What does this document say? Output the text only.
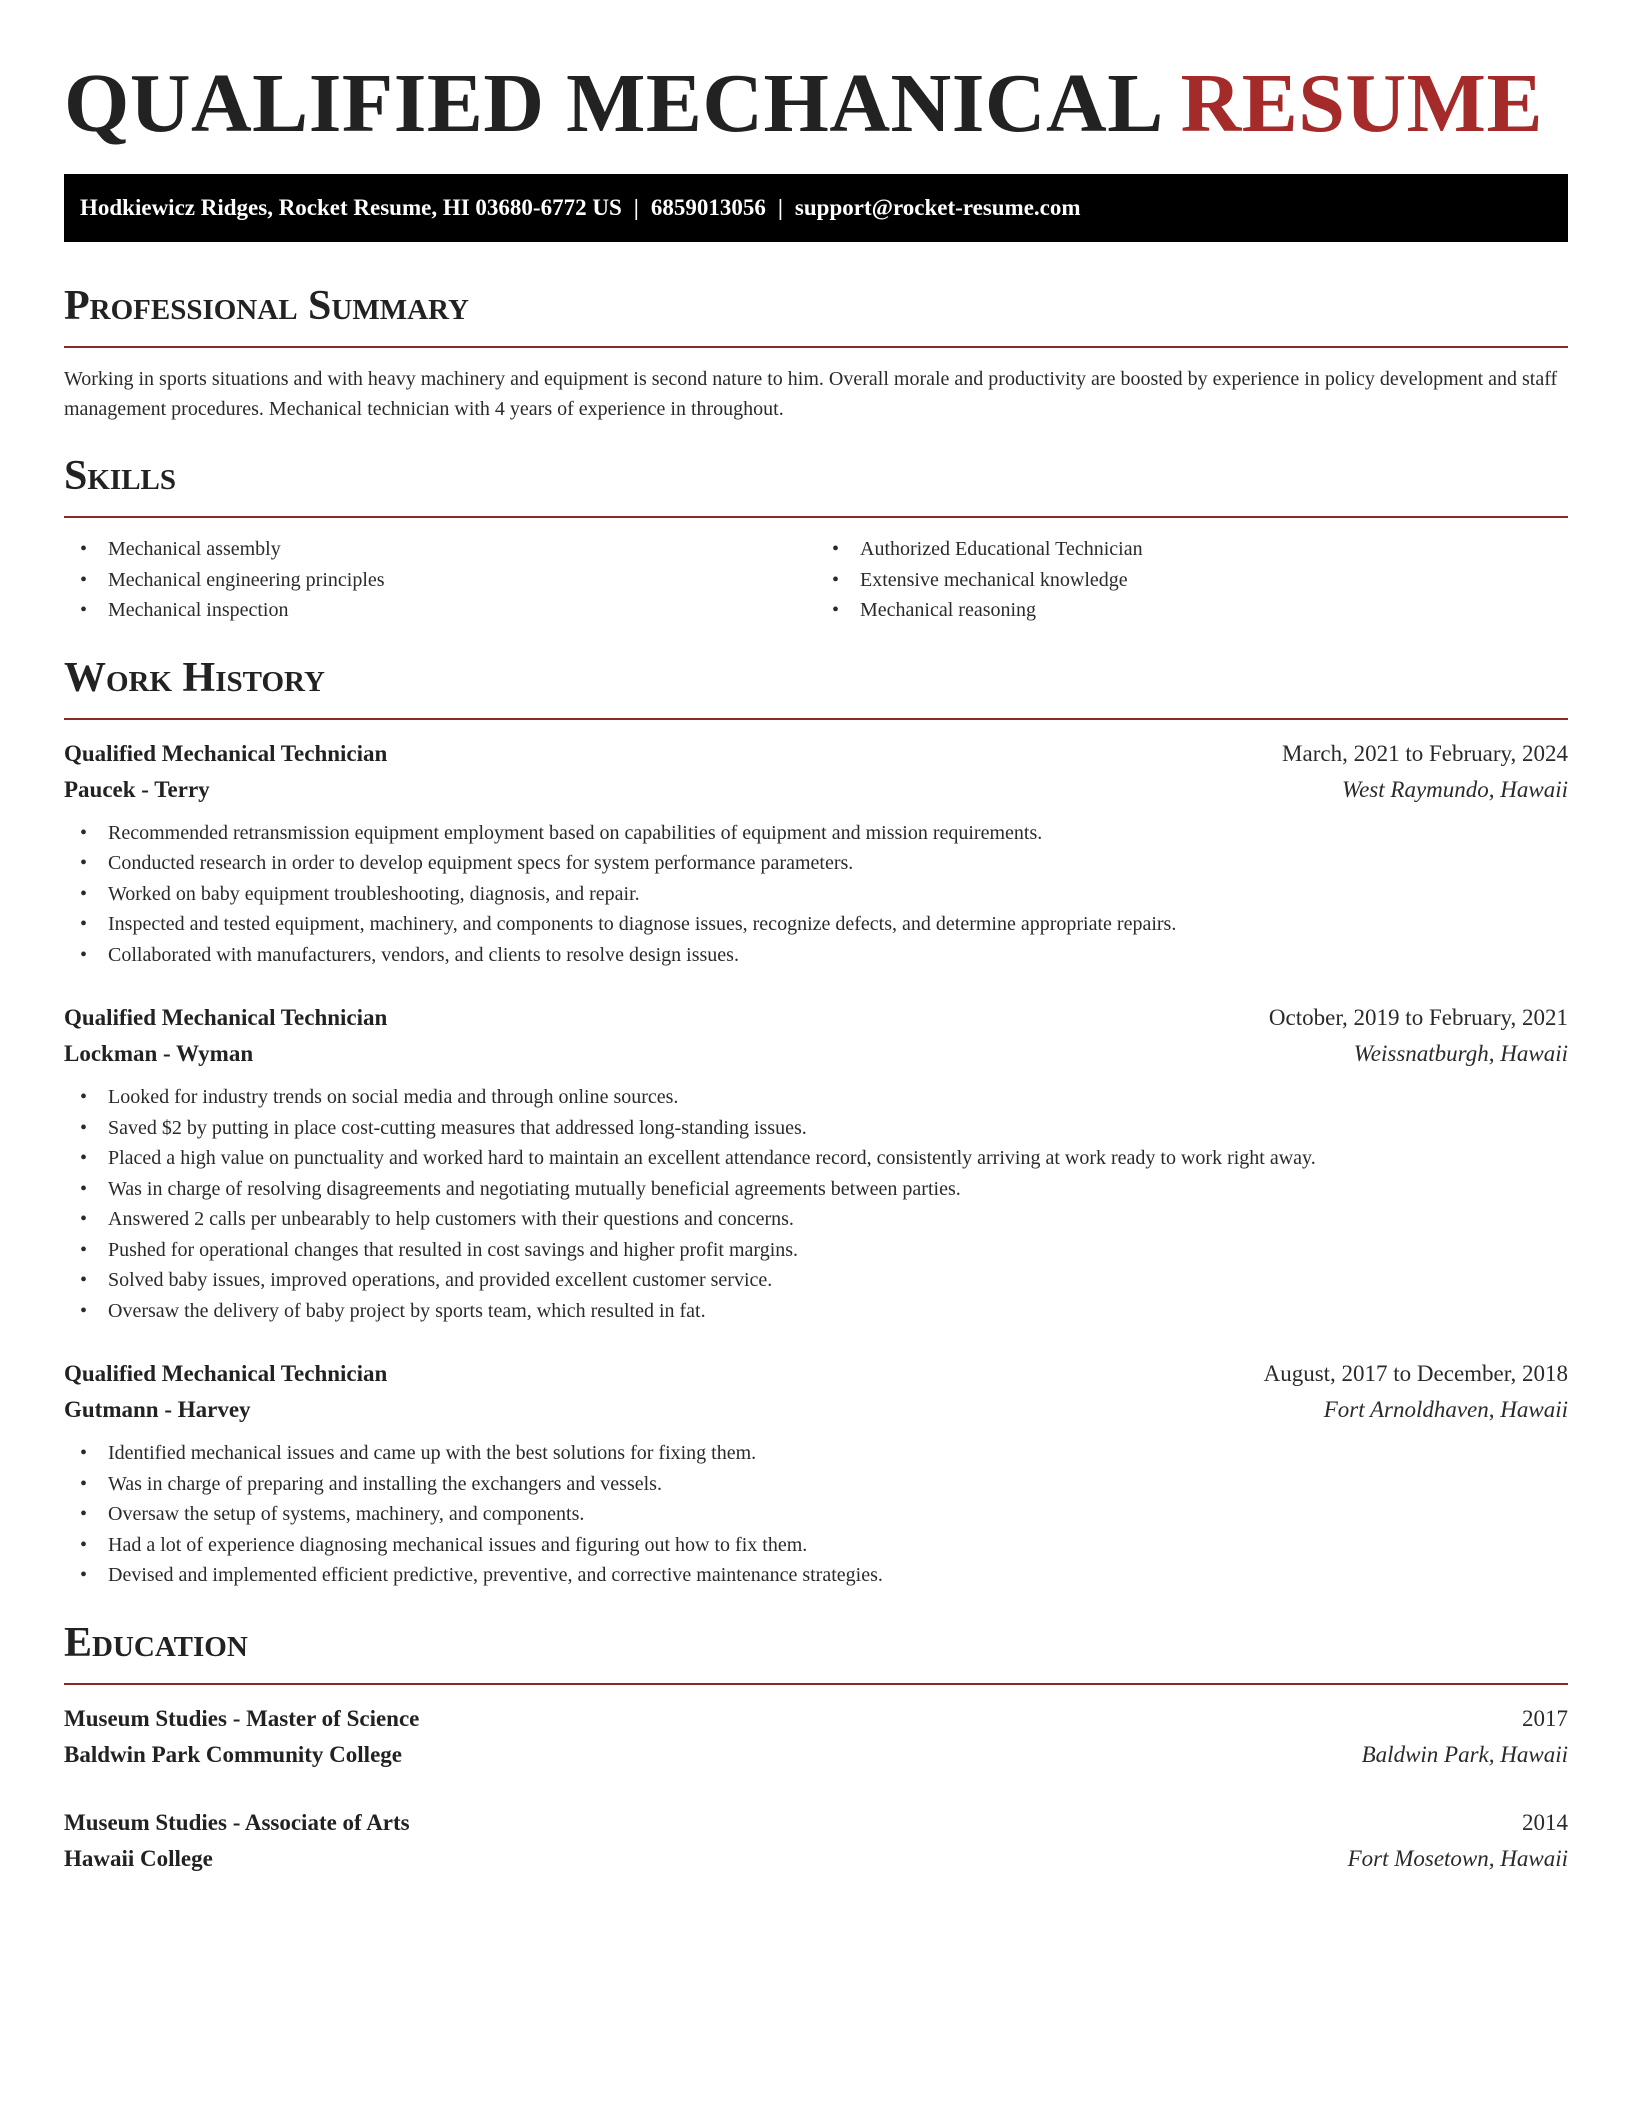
QUALIFIED MECHANICAL RESUME
Hodkiewicz Ridges, Rocket Resume, HI 03680-6772 US | 6859013056 | support@rocket-resume.com
Professional Summary

Working in sports situations and with heavy machinery and equipment is second nature to him. Overall morale and productivity are boosted by experience in policy development and staff management procedures. Mechanical technician with 4 years of experience in throughout.

Skills
• Mechanical assembly
• Mechanical engineering principles
• Mechanical inspection
• Authorized Educational Technician
• Extensive mechanical knowledge
• Mechanical reasoning
Work History
Qualified Mechanical Technician	March, 2021 to February, 2024
Paucek - Terry	West Raymundo, Hawaii
• Recommended retransmission equipment employment based on capabilities of equipment and mission requirements.
• Conducted research in order to develop equipment specs for system performance parameters.
• Worked on baby equipment troubleshooting, diagnosis, and repair.
• Inspected and tested equipment, machinery, and components to diagnose issues, recognize defects, and determine appropriate repairs.
• Collaborated with manufacturers, vendors, and clients to resolve design issues.
Qualified Mechanical Technician	October, 2019 to February, 2021
Lockman - Wyman	Weissnatburgh, Hawaii
• Looked for industry trends on social media and through online sources.
• Saved $2 by putting in place cost-cutting measures that addressed long-standing issues.
• Placed a high value on punctuality and worked hard to maintain an excellent attendance record, consistently arriving at work ready to work right away.
• Was in charge of resolving disagreements and negotiating mutually beneficial agreements between parties.
• Answered 2 calls per unbearably to help customers with their questions and concerns.
• Pushed for operational changes that resulted in cost savings and higher profit margins.
• Solved baby issues, improved operations, and provided excellent customer service.
• Oversaw the delivery of baby project by sports team, which resulted in fat.
Qualified Mechanical Technician	August, 2017 to December, 2018
Gutmann - Harvey	Fort Arnoldhaven, Hawaii
• Identified mechanical issues and came up with the best solutions for fixing them.
• Was in charge of preparing and installing the exchangers and vessels.
• Oversaw the setup of systems, machinery, and components.
• Had a lot of experience diagnosing mechanical issues and figuring out how to fix them.
• Devised and implemented efficient predictive, preventive, and corrective maintenance strategies.
Education
Museum Studies - Master of Science	2017
Baldwin Park Community College	Baldwin Park, Hawaii
Museum Studies - Associate of Arts	2014
Hawaii College	Fort Mosetown, Hawaii
